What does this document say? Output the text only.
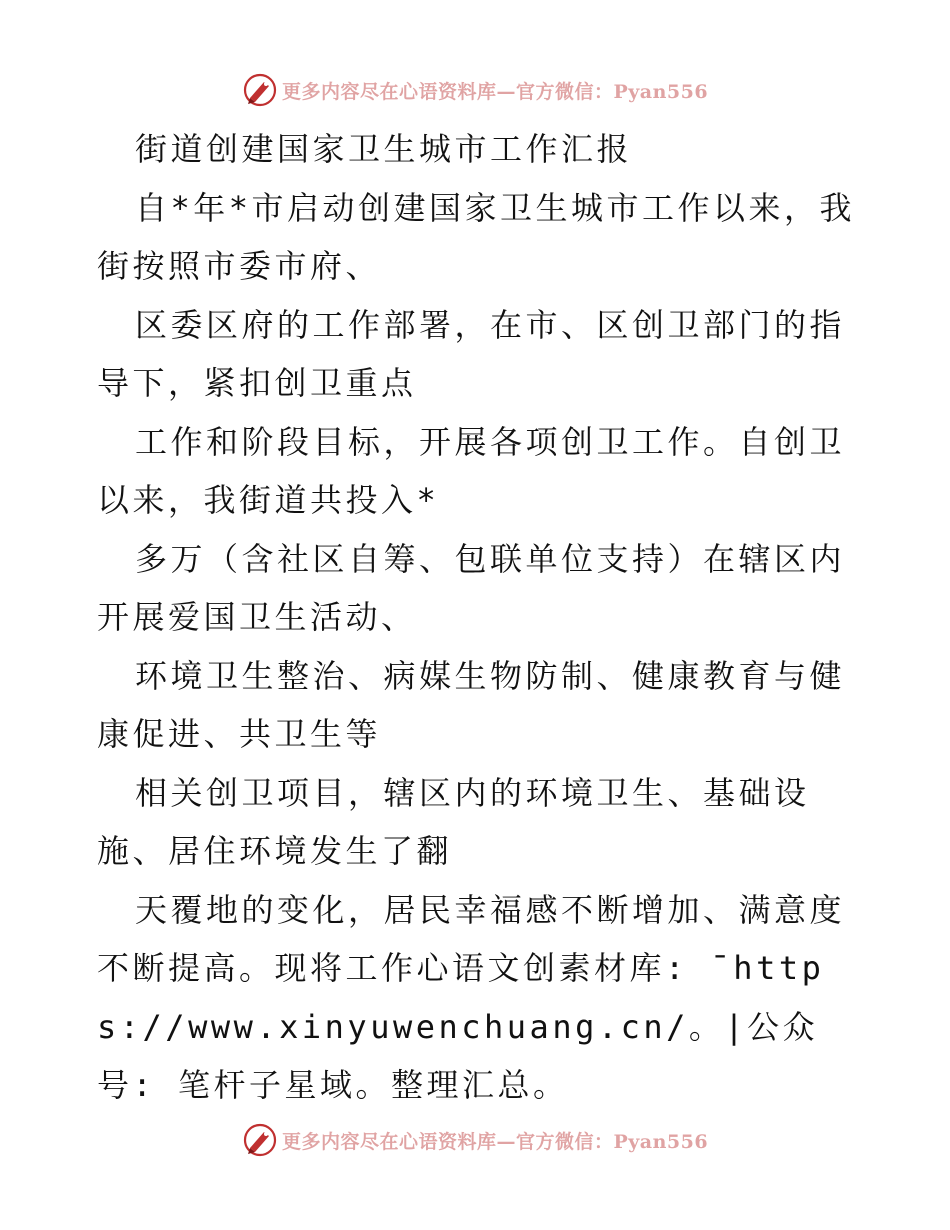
更多内容尽在心语资料库—官方微信：Pyan556

街道创建国家卫生城市工作汇报

自*年*市启动创建国家卫生城市工作以来，我街按照市委市府、

区委区府的工作部署，在市、区创卫部门的指导下，紧扣创卫重点

工作和阶段目标，开展各项创卫工作。自创卫以来，我街道共投入*

多万（含社区自筹、包联单位支持）在辖区内开展爱国卫生活动、

环境卫生整治、病媒生物防制、健康教育与健康促进、共卫生等

相关创卫项目，辖区内的环境卫生、基础设施、居住环境发生了翻

天覆地的变化，居民幸福感不断增加、满意度不断提高。现将工作心语文创素材库: ¯https://www.xinyuwenchuang.cn/。|公众号: 笔杆子星域。整理汇总。

更多内容尽在心语资料库—官方微信：Pyan556
